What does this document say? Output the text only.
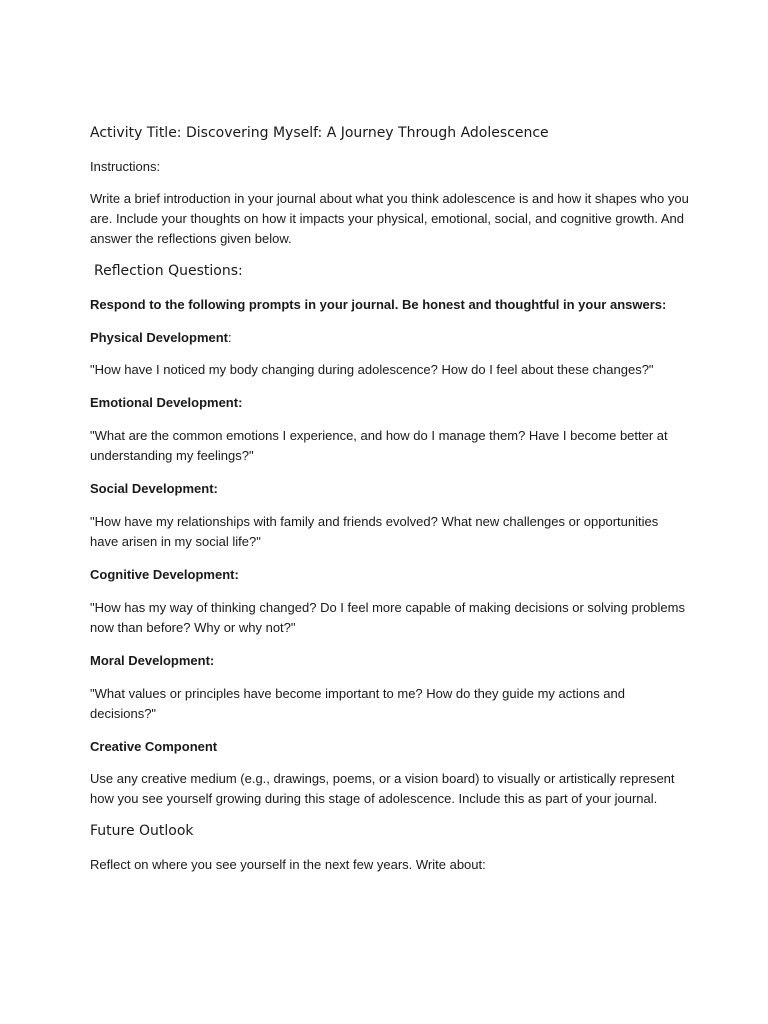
Activity Title: Discovering Myself: A Journey Through Adolescence

Instructions:

Write a brief introduction in your journal about what you think adolescence is and how it shapes who you are. Include your thoughts on how it impacts your physical, emotional, social, and cognitive growth. And answer the reflections given below.

Reflection Questions:

Respond to the following prompts in your journal. Be honest and thoughtful in your answers:

Physical Development:

"How have I noticed my body changing during adolescence? How do I feel about these changes?"

Emotional Development:

"What are the common emotions I experience, and how do I manage them? Have I become better at understanding my feelings?"

Social Development:

"How have my relationships with family and friends evolved? What new challenges or opportunities have arisen in my social life?"

Cognitive Development:

"How has my way of thinking changed? Do I feel more capable of making decisions or solving problems now than before? Why or why not?"

Moral Development:

"What values or principles have become important to me? How do they guide my actions and decisions?"

Creative Component

Use any creative medium (e.g., drawings, poems, or a vision board) to visually or artistically represent how you see yourself growing during this stage of adolescence. Include this as part of your journal.

Future Outlook

Reflect on where you see yourself in the next few years. Write about:
